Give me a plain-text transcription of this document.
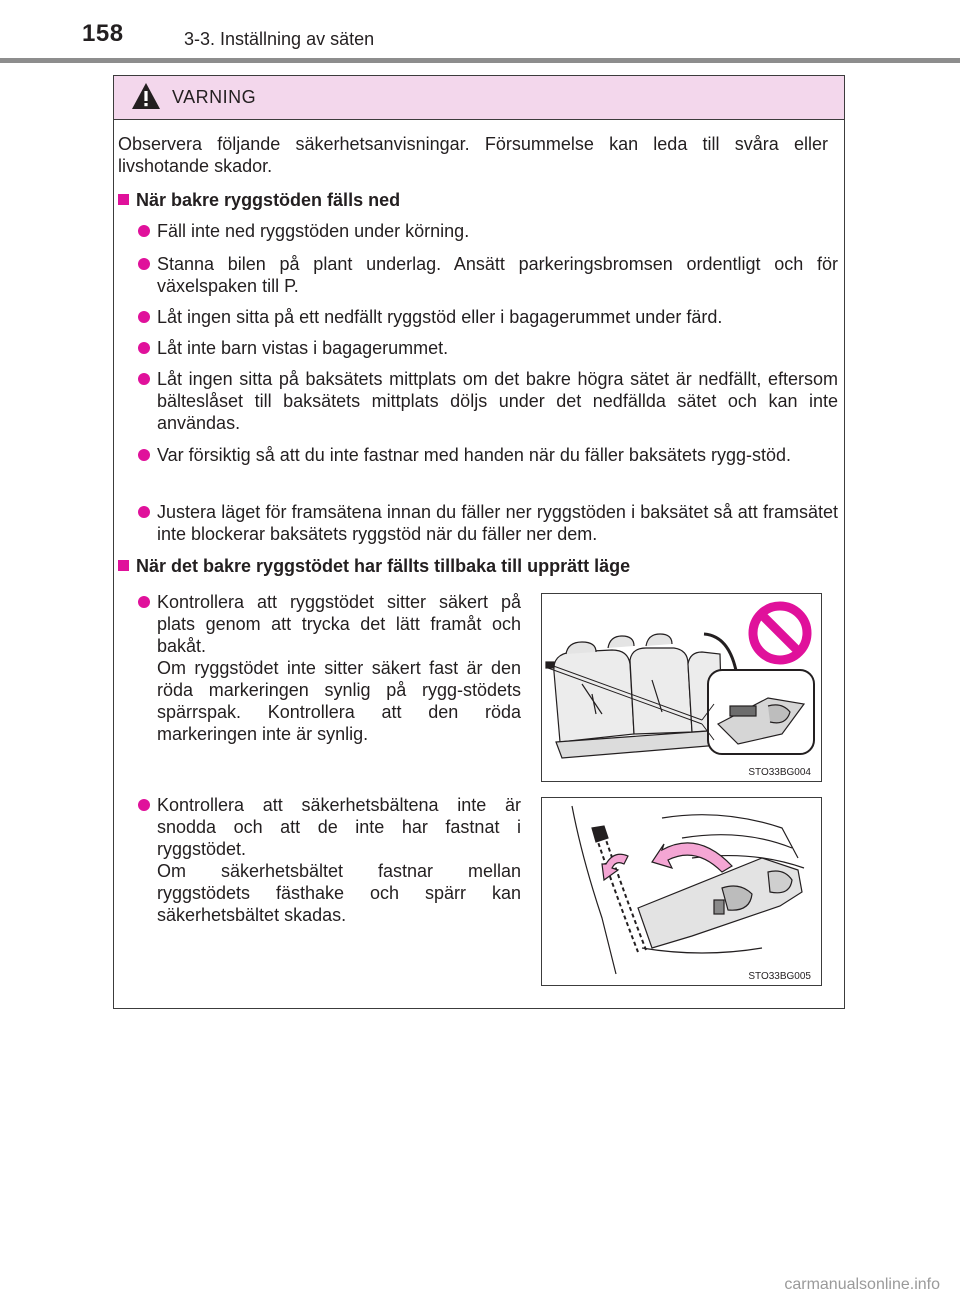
158	3-3. Inställning av säten
VARNING
Observera följande säkerhetsanvisningar. Försummelse kan leda till svåra eller livshotande skador.
När bakre ryggstöden fälls ned
Fäll inte ned ryggstöden under körning.
Stanna bilen på plant underlag. Ansätt parkeringsbromsen ordentligt och för växelspaken till P.
Låt ingen sitta på ett nedfällt ryggstöd eller i bagagerummet under färd.
Låt inte barn vistas i bagagerummet.
Låt ingen sitta på baksätets mittplats om det bakre högra sätet är nedfällt, eftersom bälteslåset till baksätets mittplats döljs under det nedfällda sätet och kan inte användas.
Var försiktig så att du inte fastnar med handen när du fäller baksätets rygg-stöd.
Justera läget för framsätena innan du fäller ner ryggstöden i baksätet så att framsätet inte blockerar baksätets ryggstöd när du fäller ner dem.
När det bakre ryggstödet har fällts tillbaka till upprätt läge
Kontrollera att ryggstödet sitter säkert på plats genom att trycka det lätt framåt och bakåt.
Om ryggstödet inte sitter säkert fast är den röda markeringen synlig på rygg-stödets spärrspak. Kontrollera att den röda markeringen inte är synlig.
Kontrollera att säkerhetsbältena inte är snodda och att de inte har fastnat i ryggstödet.
Om säkerhetsbältet fastnar mellan ryggstödets fästhake och spärr kan säkerhetsbältet skadas.
STO33BG004
STO33BG005
carmanualsonline.info
